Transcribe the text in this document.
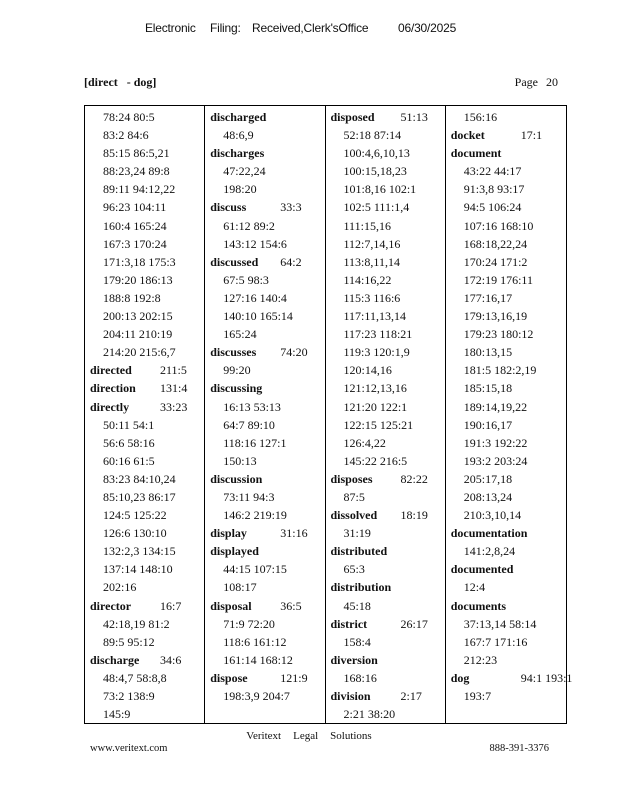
Electronic Filing: Received,Clerk'sOffice 06/30/2025
[direct   - dog]	Page 20
78:24 80:5
83:2 84:6
85:15 86:5,21
88:23,24 89:8
89:11 94:12,22
96:23 104:11
160:4 165:24
167:3 170:24
171:3,18 175:3
179:20 186:13
188:8 192:8
200:13 202:15
204:11 210:19
214:20 215:6,7
directed 211:5
direction 131:4
directly	33:23
50:11 54:1
56:6 58:16
60:16 61:5
83:23 84:10,24
85:10,23 86:17
124:5 125:22
126:6 130:10
132:2,3 134:15
137:14 148:10
202:16
director 16:7
42:18,19 81:2
89:5 95:12
discharge 34:6
48:4,7 58:8,8
73:2 138:9
145:9
discharged
48:6,9
discharges
47:22,24
198:20
discuss	33:3
61:12 89:2
143:12 154:6
discussed 64:2
67:5 98:3
127:16 140:4
140:10 165:14
165:24
discusses 74:20
99:20
discussing
16:13 53:13
64:7 89:10
118:16 127:1
150:13
discussion
73:11 94:3
146:2 219:19
display	31:16
displayed
44:15 107:15
108:17
disposal 36:5
71:9 72:20
118:6 161:12
161:14 168:12
dispose	121:9
198:3,9 204:7
disposed 51:13
52:18 87:14
100:4,6,10,13
100:15,18,23
101:8,16 102:1
102:5 111:1,4
111:15,16
112:7,14,16
113:8,11,14
114:16,22
115:3 116:6
117:11,13,14
117:23 118:21
119:3 120:1,9
120:14,16
121:12,13,16
121:20 122:1
122:15 125:21
126:4,22
145:22 216:5
disposes 82:22
87:5
dissolved 18:19
31:19
distributed
65:3
distribution
45:18
district	26:17
158:4
diversion
168:16
division 2:17
2:21 38:20
156:16
docket	17:1
document
43:22 44:17
91:3,8 93:17
94:5 106:24
107:16 168:10
168:18,22,24
170:24 171:2
172:19 176:11
177:16,17
179:13,16,19
179:23 180:12
180:13,15
181:5 182:2,19
185:15,18
189:14,19,22
190:16,17
191:3 192:22
193:2 203:24
205:17,18
208:13,24
210:3,10,14
documentation
141:2,8,24
documented
12:4
documents
37:13,14 58:14
167:7 171:16
212:23
dog	94:1 193:1
193:7
Veritext Legal Solutions
www.veritext.com	888-391-3376
